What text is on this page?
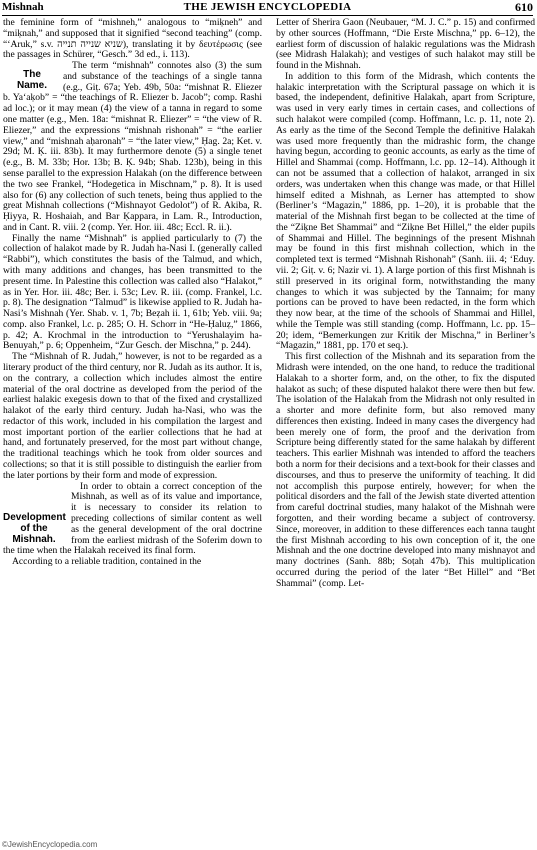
Mishnah	THE JEWISH ENCYCLOPEDIA	610

the feminine form of “mishneh,” analogous to “miḳneh” and “miḳnah,” and supposed that it signified “second teaching” (comp. “‘Aruk,” s.v. שניא שנייה תנייה‏), translating it by δευτέρωσις (see the passages in Schürer, “Gesch.” 3d ed., i. 113).

The Name.

The term “mishnah” connotes also (3) the sum and substance of the teachings of a single tanna (e.g., Giṭ. 67a; Yeb. 49b, 50a: “mishnat R. Eliezer b. Ya‘aḳob” = “the teachings of R. Eliezer b. Jacob”; comp. Rashi ad loc.); or it may mean (4) the view of a tanna in regard to some one matter (e.g., Men. 18a: “mishnat R. Eliezer” = “the view of R. Eliezer,” and the expressions “mishnah rishonah” = “the earlier view,” and “mishnah aḥaronah” = “the later view,” Ḥag. 2a; Ket. v. 29d; M. Ḳ. iii. 83b). It may furthermore denote (5) a single tenet (e.g., B. M. 33b; Hor. 13b; B. Ḳ. 94b; Shab. 123b), being in this sense parallel to the expression Halakah (on the difference between the two see Frankel, “Hodegetica in Mischnam,” p. 8). It is used also for (6) any collection of such tenets, being thus applied to the great Mishnah collections (“Mishnayot Gedolot”) of R. Akiba, R. Ḥiyya, R. Hoshaiah, and Bar Ḳappara, in Lam. R., Introduction, and in Cant. R. viii. 2 (comp. Yer. Hor. iii. 48c; Eccl. R. ii.).

Finally the name “Mishnah” is applied particularly to (7) the collection of halakot made by R. Judah ha-Nasi I. (generally called “Rabbi”), which constitutes the basis of the Talmud, and which, with many additions and changes, has been transmitted to the present time. In Palestine this collection was called also “Halakot,” as in Yer. Hor. iii. 48c; Ber. i. 53c; Lev. R. iii. (comp. Frankel, l.c. p. 8). The designation “Talmud” is likewise applied to R. Judah ha-Nasi’s Mishnah (Yer. Shab. v. 1, 7b; Beẓah ii. 1, 61b; Yeb. viii. 9a; comp. also Frankel, l.c. p. 285; O. H. Schorr in “He-Ḥaluẓ,” 1866, p. 42; A. Krochmal in the introduction to “Yerushalayim ha-Benuyah,” p. 6; Oppenheim, “Zur Gesch. der Mischna,” p. 244).

The “Mishnah of R. Judah,” however, is not to be regarded as a literary product of the third century, nor R. Judah as its author. It is, on the contrary, a collection which includes almost the entire material of the oral doctrine as developed from the period of the earliest halakic exegesis down to that of the fixed and crystallized halakot of the early third century. Judah ha-Nasi, who was the redactor of this work, included in his compilation the largest and most important portion of the earlier collections that he had at hand, and fortunately preserved, for the most part without change, the traditional teachings which he took from older sources and collections; so that it is still possible to distinguish the earlier from the later portions by their form and mode of expression.

Development of the Mishnah.

In order to obtain a correct conception of the Mishnah, as well as of its value and importance, it is necessary to consider its relation to preceding collections of similar content as well as the general development of the oral doctrine from the earliest midrash of the Soferim down to the time when the Halakah received its final form.

According to a reliable tradition, contained in the

Letter of Sherira Gaon (Neubauer, “M. J. C.” p. 15) and confirmed by other sources (Hoffmann, “Die Erste Mischna,” pp. 6–12), the earliest form of discussion of halakic regulations was the Midrash (see Midrash Halakah); and vestiges of such halakot may still be found in the Mishnah.

In addition to this form of the Midrash, which contents the halakic interpretation with the Scriptural passage on which it is based, the independent, definitive Halakah, apart from Scripture, was used in very early times in certain cases, and collections of such halakot were compiled (comp. Hoffmann, l.c. p. 11, note 2). As early as the time of the Second Temple the definitive Halakah was used more frequently than the midrashic form, the change having begun, according to geonic accounts, as early as the time of Hillel and Shammai (comp. Hoffmann, l.c. pp. 12–14). Although it can not be assumed that a collection of halakot, arranged in six orders, was undertaken when this change was made, or that Hillel himself edited a Mishnah, as Lerner has attempted to show (Berliner’s “Magazin,” 1886, pp. 1–20), it is probable that the material of the Mishnah first began to be collected at the time of the “Ziḳne Bet Shammai” and “Ziḳne Bet Hillel,” the elder pupils of Shammai and Hillel. The beginnings of the present Mishnah may be found in this first mishnah collection, which in the completed text is termed “Mishnah Rishonah” (Sanh. iii. 4; ‘Eduy. vii. 2; Giṭ. v. 6; Nazir vi. 1). A large portion of this first Mishnah is still preserved in its original form, notwithstanding the many changes to which it was subjected by the Tannaim; for many portions can be proved to have been redacted, in the form which they now bear, at the time of the schools of Shammai and Hillel, while the Temple was still standing (comp. Hoffmann, l.c. pp. 15–20; idem, “Bemerkungen zur Kritik der Mischna,” in Berliner’s “Magazin,” 1881, pp. 170 et seq.).

This first collection of the Mishnah and its separation from the Midrash were intended, on the one hand, to reduce the traditional Halakah to a shorter form, and, on the other, to fix the disputed halakot as such; of these disputed halakot there were then but few. The isolation of the Halakah from the Midrash not only resulted in a shorter and more definite form, but also removed many differences then existing. Indeed in many cases the divergency had been merely one of form, the proof and the derivation from Scripture being differently stated for the same halakah by different teachers. This earlier Mishnah was intended to afford the teachers both a norm for their decisions and a text-book for their classes and discourses, and thus to preserve the uniformity of teaching. It did not accomplish this purpose entirely, however; for when the political disorders and the fall of the Jewish state diverted attention from careful doctrinal studies, many halakot of the Mishnah were forgotten, and their wording became a subject of controversy. Since, moreover, in addition to these differences each tanna taught the first Mishnah according to his own conception of it, the one Mishnah and the one doctrine developed into many mishnayot and many doctrines (Sanh. 88b; Soṭah 47b). This multiplication occurred during the period of the later “Bet Hillel” and “Bet Shammai” (comp. Let-

©JewishEncyclopedia.com
